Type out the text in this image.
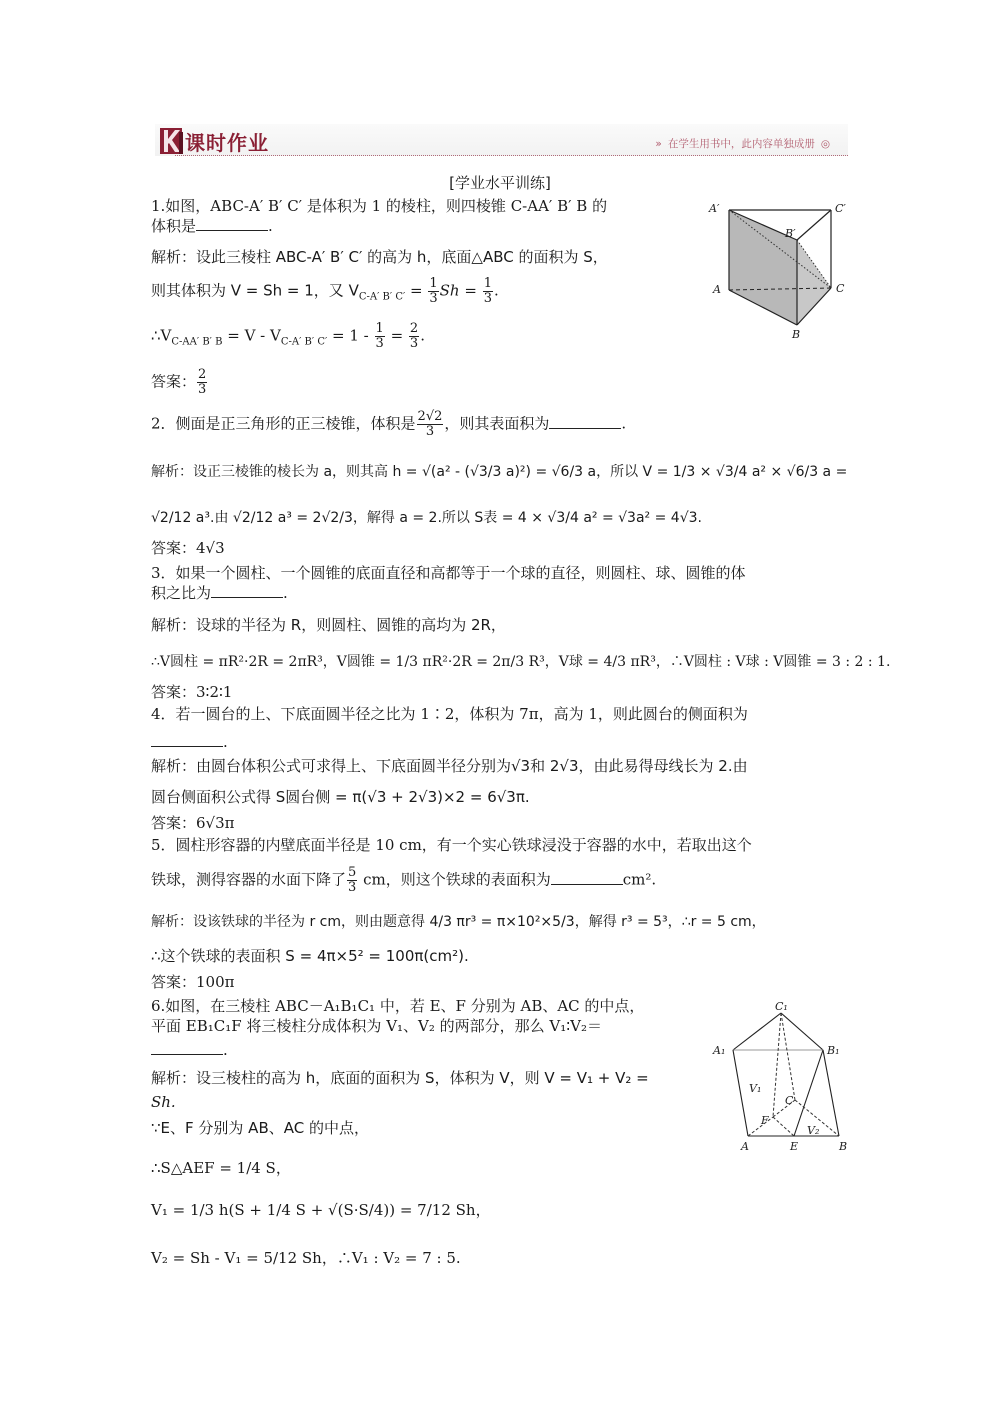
课时作业	» 在学生用书中，此内容单独成册 ◎
[学业水平训练]
1.如图，ABC-A′ B′ C′ 是体积为 1 的棱柱，则四棱锥 C-AA′ B′ B 的
体积是	.
解析：设此三棱柱 ABC-A′ B′ C′ 的高为 h，底面△ABC 的面积为 S，
则其体积为 V = Sh = 1，又 $V_{C-A' B' C'} = \frac{1}{3}$ $Sh = \frac{1}{3}$ .
$\therefore V_{C-AA' B' B} = V - V_{C-A' B' C'} = 1 - \frac{1}{3} = \frac{2}{3}$ .
答案： $\frac{2}{3}$
A′
B′
C′
A
B
C
2．侧面是正三角形的正三棱锥，体积是 $\frac{2√2}{3}$ ，则其表面积为	.
解析：设正三棱锥的棱长为 a，则其高 h = √(a² - (√3/3 a)²) = √6/3 a，所以 V = 1/3 × √3/4 a² × √6/3 a =
√2/12 a³.由 √2/12 a³ = 2√2/3，解得 a = 2.所以 S表 = 4 × √3/4 a² = √3a² = 4√3.
答案：4√3
3．如果一个圆柱、一个圆锥的底面直径和高都等于一个球的直径，则圆柱、球、圆锥的体
积之比为	.
解析：设球的半径为 R，则圆柱、圆锥的高均为 2R，
∴V圆柱 = πR²·2R = 2πR³，V圆锥 = 1/3 πR²·2R = 2π/3 R³，V球 = 4/3 πR³，∴V圆柱 : V球 : V圆锥 = 3 : 2 : 1.
答案：3∶2∶1
4．若一圆台的上、下底面圆半径之比为 1∶2，体积为 7π，高为 1，则此圆台的侧面积为
.
解析：由圆台体积公式可求得上、下底面圆半径分别为√3和 2√3，由此易得母线长为 2.由
圆台侧面积公式得 S圆台侧 = π(√3 + 2√3)×2 = 6√3π.
答案：6√3π
5．圆柱形容器的内壁底面半径是 10 cm，有一个实心铁球浸没于容器的水中，若取出这个
铁球，测得容器的水面下降了 $\frac{5}{3}$ cm，则这个铁球的表面积为	cm².
解析：设该铁球的半径为 r cm，则由题意得 4/3 πr³ = π×10²×5/3，解得 r³ = 5³，∴r = 5 cm，
∴这个铁球的表面积 S = 4π×5² = 100π(cm²).
答案：100π
6.如图，在三棱柱 ABC－A₁B₁C₁ 中，若 E、F 分别为 AB、AC 的中点，
平面 EB₁C₁F 将三棱柱分成体积为 V₁、V₂ 的两部分，那么 V₁∶V₂＝
.
解析：设三棱柱的高为 h，底面的面积为 S，体积为 V，则 V = V₁ + V₂ =
Sh.
∵E、F 分别为 AB、AC 的中点，
∴S△AEF = 1/4 S，
V₁ = 1/3 h(S + 1/4 S + √(S·S/4)) = 7/12 Sh，
V₂ = Sh - V₁ = 5/12 Sh，∴V₁ : V₂ = 7 : 5.
C₁
A₁	B₁
V₁
C
F
V₂
A	E	B
